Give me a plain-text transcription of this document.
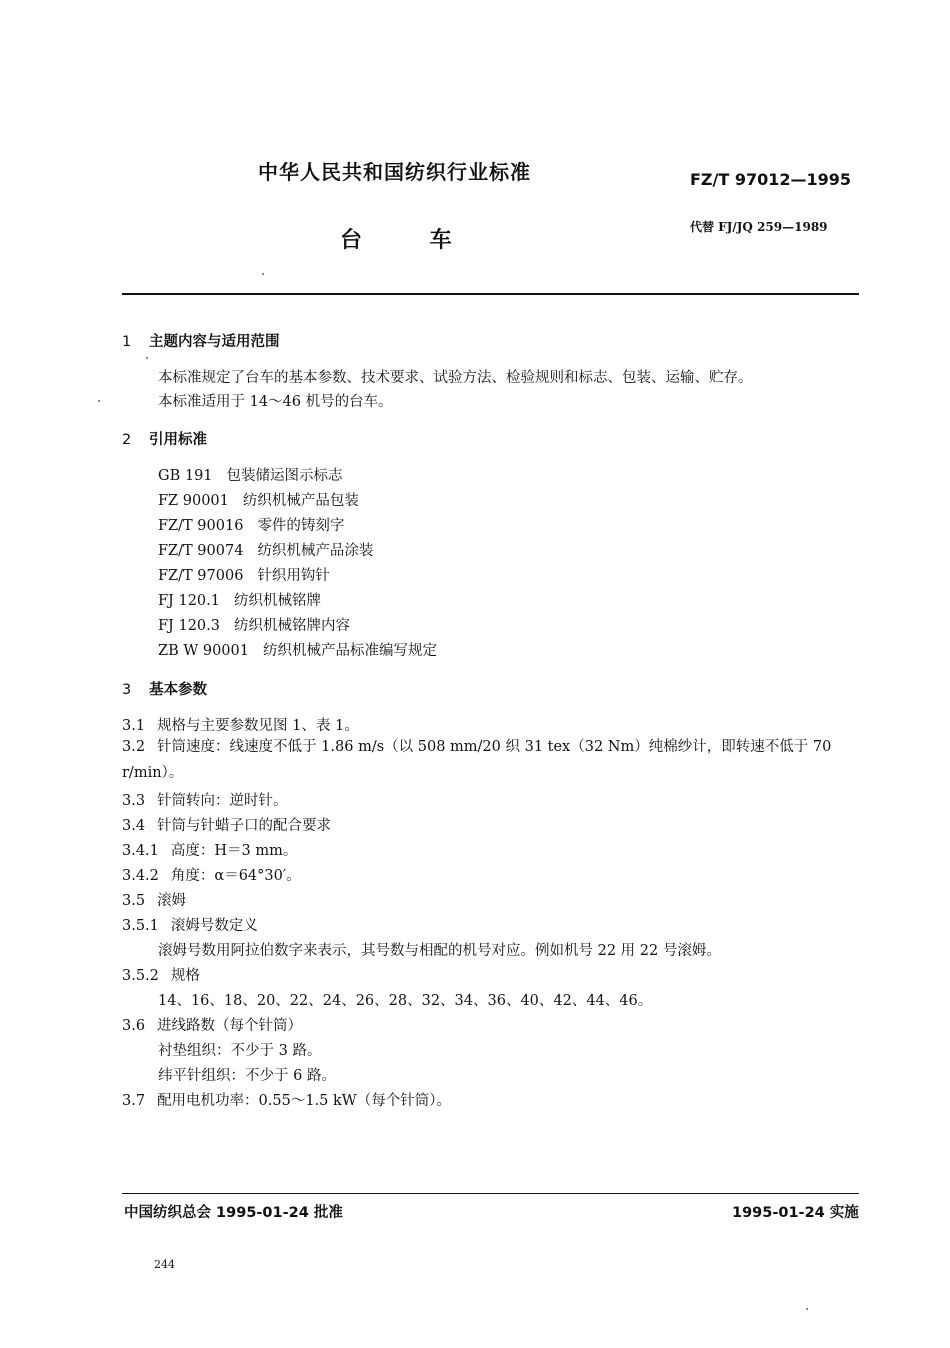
中华人民共和国纺织行业标准	FZ/T 97012—1995
台 车
代替 FJ/JQ 259—1989
1 主题内容与适用范围
本标准规定了台车的基本参数、技术要求、试验方法、检验规则和标志、包装、运输、贮存。
本标准适用于 14～46 机号的台车。
2 引用标准
GB 191 包装储运图示标志
FZ 90001 纺织机械产品包装
FZ/T 90016 零件的铸刻字
FZ/T 90074 纺织机械产品涂装
FZ/T 97006 针织用钩针
FJ 120.1 纺织机械铭牌
FJ 120.3 纺织机械铭牌内容
ZB W 90001 纺织机械产品标准编写规定
3 基本参数
3.1 规格与主要参数见图 1、表 1。
3.2 针筒速度：线速度不低于 1.86 m/s（以 508 mm/20 织 31 tex（32 Nm）纯棉纱计，即转速不低于 70 r/min）。
3.3 针筒转向：逆时针。
3.4 针筒与针蜡子口的配合要求
3.4.1 高度：H＝3 mm。
3.4.2 角度：α＝64°30′。
3.5 滚姆
3.5.1 滚姆号数定义
滚姆号数用阿拉伯数字来表示，其号数与相配的机号对应。例如机号 22 用 22 号滚姆。
3.5.2 规格
14、16、18、20、22、24、26、28、32、34、36、40、42、44、46。
3.6 进线路数（每个针筒）
衬垫组织：不少于 3 路。
纬平针组织：不少于 6 路。
3.7 配用电机功率：0.55～1.5 kW（每个针筒）。
中国纺织总会 1995-01-24 批准	1995-01-24 实施
244
